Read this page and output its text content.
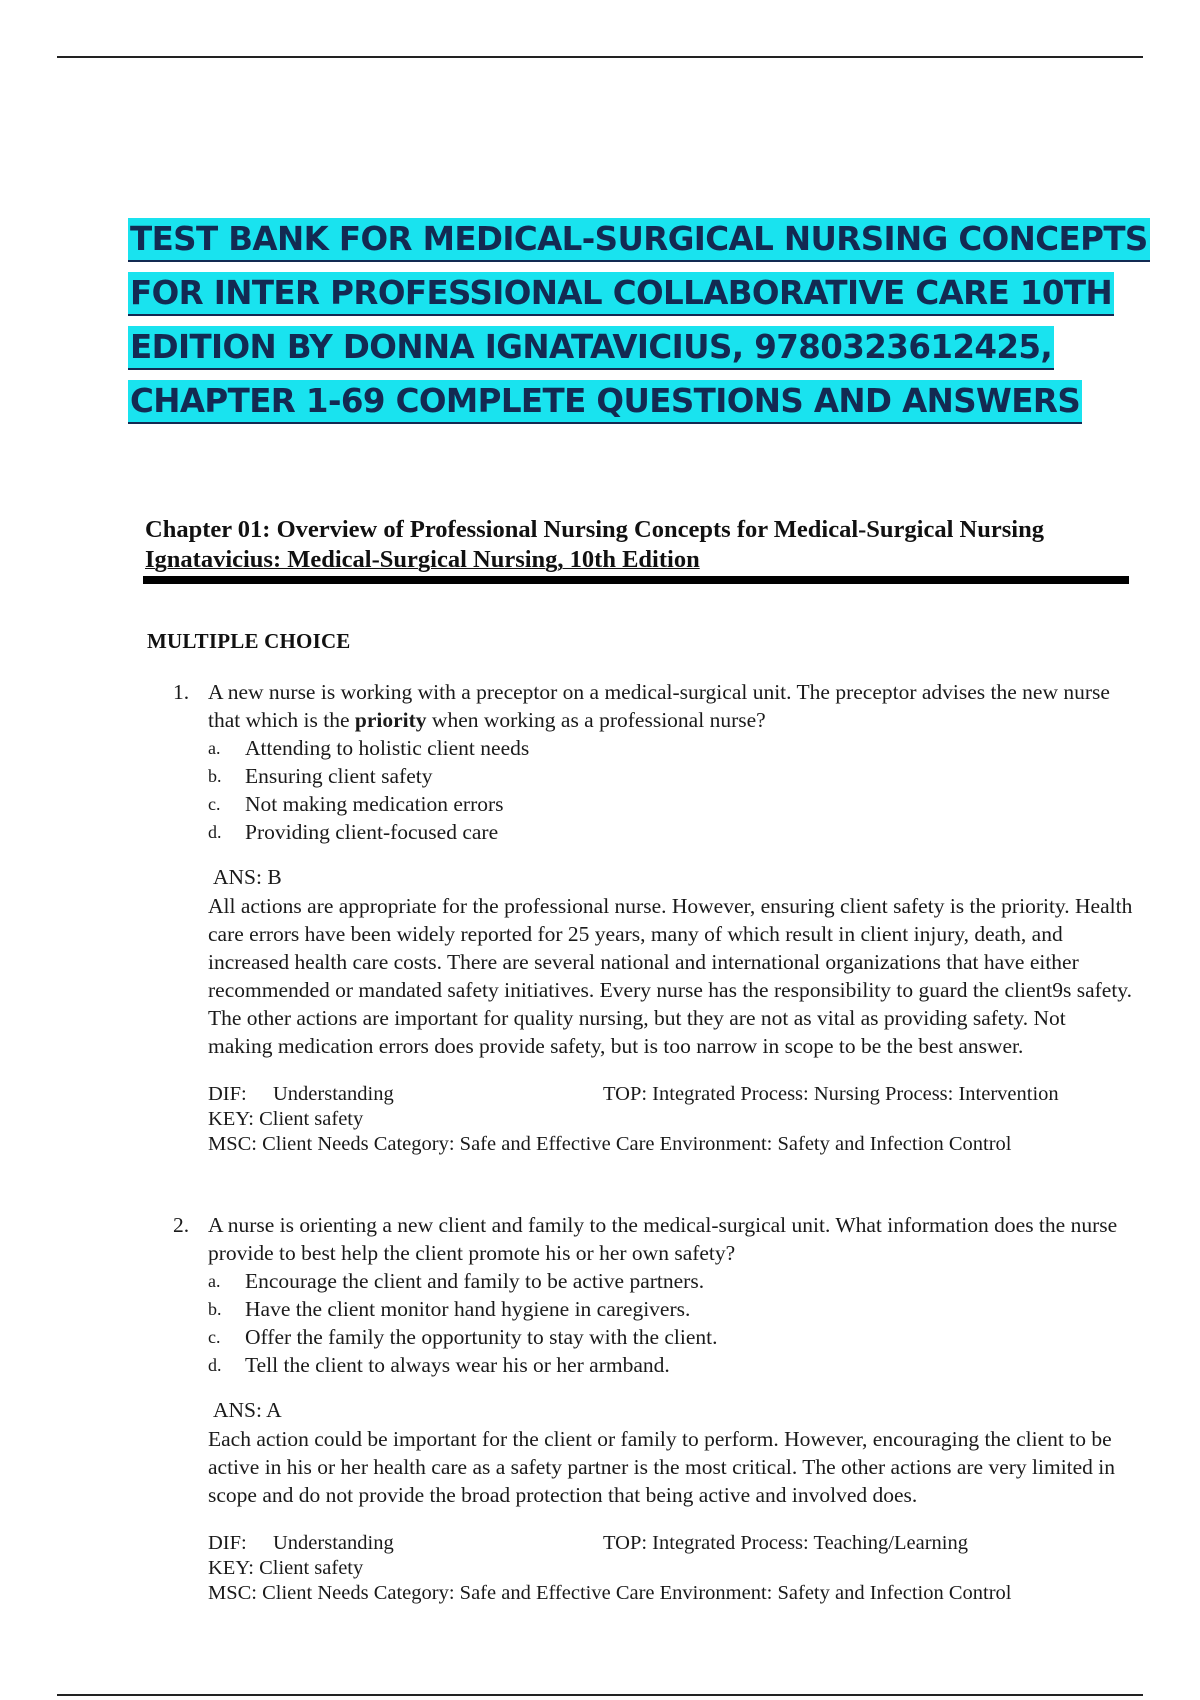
TEST BANK FOR MEDICAL-SURGICAL NURSING CONCEPTS
FOR INTER PROFESSIONAL COLLABORATIVE CARE 10TH
EDITION BY DONNA IGNATAVICIUS, 9780323612425,
CHAPTER 1-69 COMPLETE QUESTIONS AND ANSWERS
Chapter 01: Overview of Professional Nursing Concepts for Medical-Surgical Nursing
Ignatavicius: Medical-Surgical Nursing, 10th Edition
MULTIPLE CHOICE
1. A new nurse is working with a preceptor on a medical-surgical unit. The preceptor advises the new nurse that which is the priority when working as a professional nurse?
a.	Attending to holistic client needs
b.	Ensuring client safety
c.	Not making medication errors
d.	Providing client-focused care
ANS: B
All actions are appropriate for the professional nurse. However, ensuring client safety is the priority. Health care errors have been widely reported for 25 years, many of which result in client injury, death, and increased health care costs. There are several national and international organizations that have either recommended or mandated safety initiatives. Every nurse has the responsibility to guard the client9s safety. The other actions are important for quality nursing, but they are not as vital as providing safety. Not making medication errors does provide safety, but is too narrow in scope to be the best answer.
DIF: Understanding	TOP: Integrated Process: Nursing Process: Intervention
KEY: Client safety
MSC: Client Needs Category: Safe and Effective Care Environment: Safety and Infection Control
2. A nurse is orienting a new client and family to the medical-surgical unit. What information does the nurse provide to best help the client promote his or her own safety?
a.	Encourage the client and family to be active partners.
b.	Have the client monitor hand hygiene in caregivers.
c.	Offer the family the opportunity to stay with the client.
d.	Tell the client to always wear his or her armband.
ANS: A
Each action could be important for the client or family to perform. However, encouraging the client to be active in his or her health care as a safety partner is the most critical. The other actions are very limited in scope and do not provide the broad protection that being active and involved does.
DIF: Understanding	TOP: Integrated Process: Teaching/Learning
KEY: Client safety
MSC: Client Needs Category: Safe and Effective Care Environment: Safety and Infection Control
